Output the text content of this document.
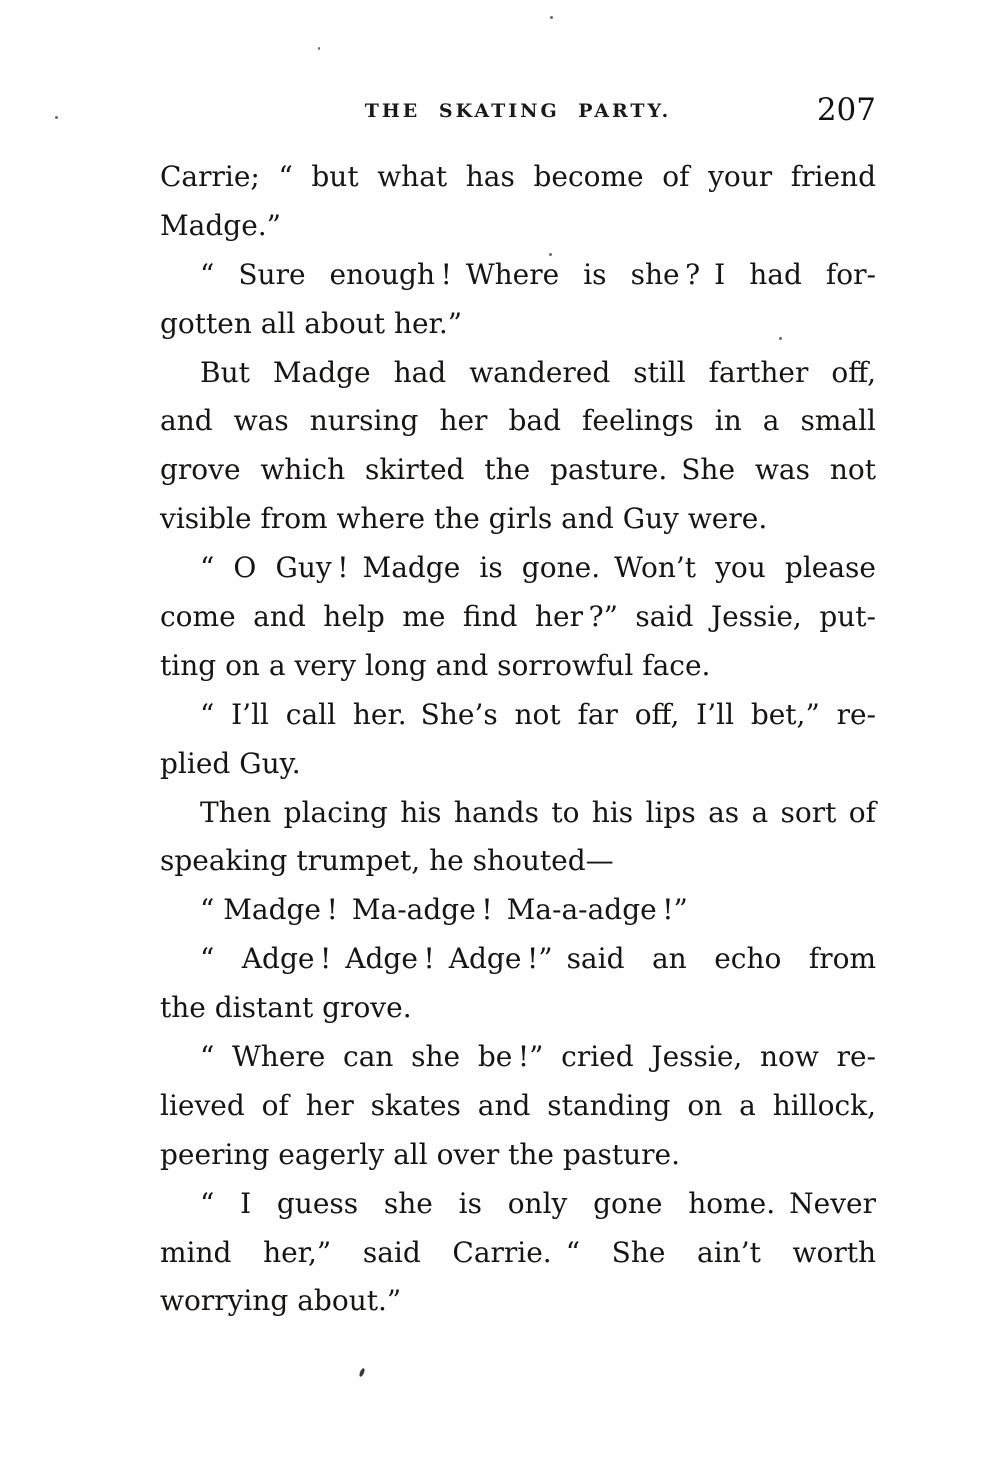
THE SKATING PARTY.	207
Carrie; “ but what has become of your friend
Madge.”
“ Sure enough ! Where is she ? I had for-
gotten all about her.”
But Madge had wandered still farther off,
and was nursing her bad feelings in a small
grove which skirted the pasture. She was not
visible from where the girls and Guy were.
“ O Guy ! Madge is gone. Won’t you please
come and help me find her ?” said Jessie, put-
ting on a very long and sorrowful face.
“ I’ll call her. She’s not far off, I’ll bet,” re-
plied Guy.
Then placing his hands to his lips as a sort of
speaking trumpet, he shouted—
“ Madge ! Ma-adge ! Ma-a-adge !”
“ Adge ! Adge ! Adge !” said an echo from
the distant grove.
“ Where can she be !” cried Jessie, now re-
lieved of her skates and standing on a hillock,
peering eagerly all over the pasture.
“ I guess she is only gone home. Never
mind her,” said Carrie. “ She ain’t worth
worrying about.”
